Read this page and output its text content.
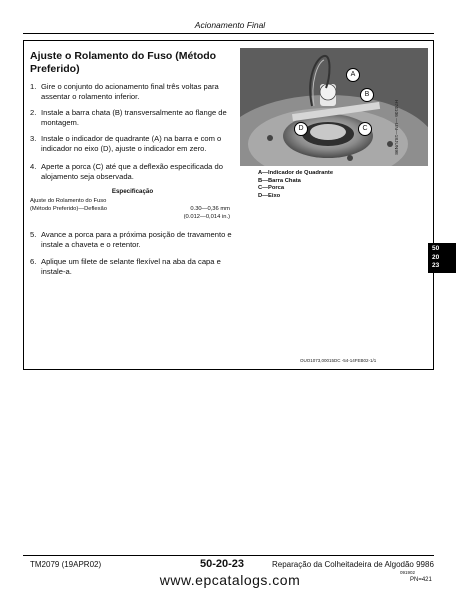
Acionamento Final
Ajuste o Rolamento do Fuso (Método Preferido)
1. Gire o conjunto do acionamento final três voltas para assentar o rolamento inferior.
2. Instale a barra chata (B) transversalmente ao flange de montagem.
3. Instale o indicador de quadrante (A) na barra e com o indicador no eixo (D), ajuste o indicador em zero.
4. Aperte a porca (C) até que a deflexão especificada do alojamento seja observada.
Especificação
Ajuste do Rolamento do Fuso
(Método Preferido)—Deflexão	0.30—0,36 mm
(0.012—0,014 in.)
5. Avance a porca para a próxima posição de travamento e instale a chaveta e o retentor.
6. Aplique um filete de selante flexível na aba da capa e instale-a.
A
B
C
D	H74106 —UN—18JUN98
A—Indicador de Quadrante
B—Barra Chata
C—Porca
D—Eixo
OUO1073,00015DC -54-14FEB02-1/1
50
20
23
TM2079 (19APR02)	50-20-23	Reparação da Colheitadeira de Algodão 9986
091902
PN=421
www.epcatalogs.com
